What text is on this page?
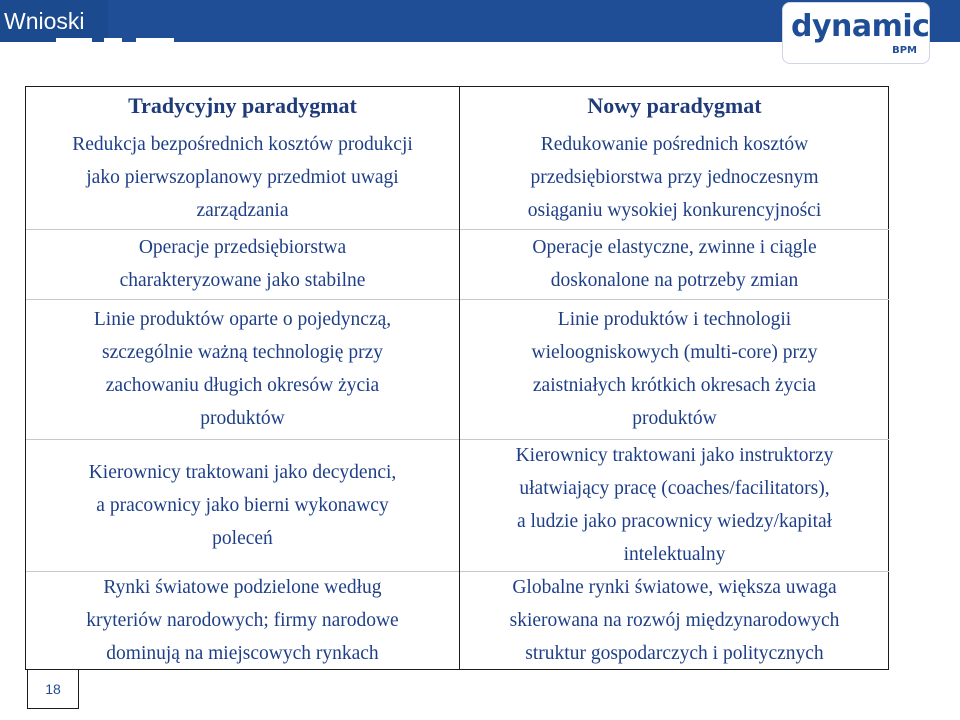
Wnioski	dynamic
BPM
Tradycyjny paradygmat
Redukcja bezpośrednich kosztów produkcji
jako pierwszoplanowy przedmiot uwagi
zarządzania
Operacje przedsiębiorstwa
charakteryzowane jako stabilne
Linie produktów oparte o pojedynczą,
szczególnie ważną technologię przy
zachowaniu długich okresów życia
produktów
Kierownicy traktowani jako decydenci,
a pracownicy jako bierni wykonawcy
poleceń
Rynki światowe podzielone według
kryteriów narodowych; firmy narodowe
dominują na miejscowych rynkach
Nowy paradygmat
Redukowanie pośrednich kosztów
przedsiębiorstwa przy jednoczesnym
osiąganiu wysokiej konkurencyjności
Operacje elastyczne, zwinne i ciągle
doskonalone na potrzeby zmian
Linie produktów i technologii
wieloogniskowych (multi-core) przy
zaistniałych krótkich okresach życia
produktów
Kierownicy traktowani jako instruktorzy
ułatwiający pracę (coaches/facilitators),
a ludzie jako pracownicy wiedzy/kapitał
intelektualny
Globalne rynki światowe, większa uwaga
skierowana na rozwój międzynarodowych
struktur gospodarczych i politycznych
18
